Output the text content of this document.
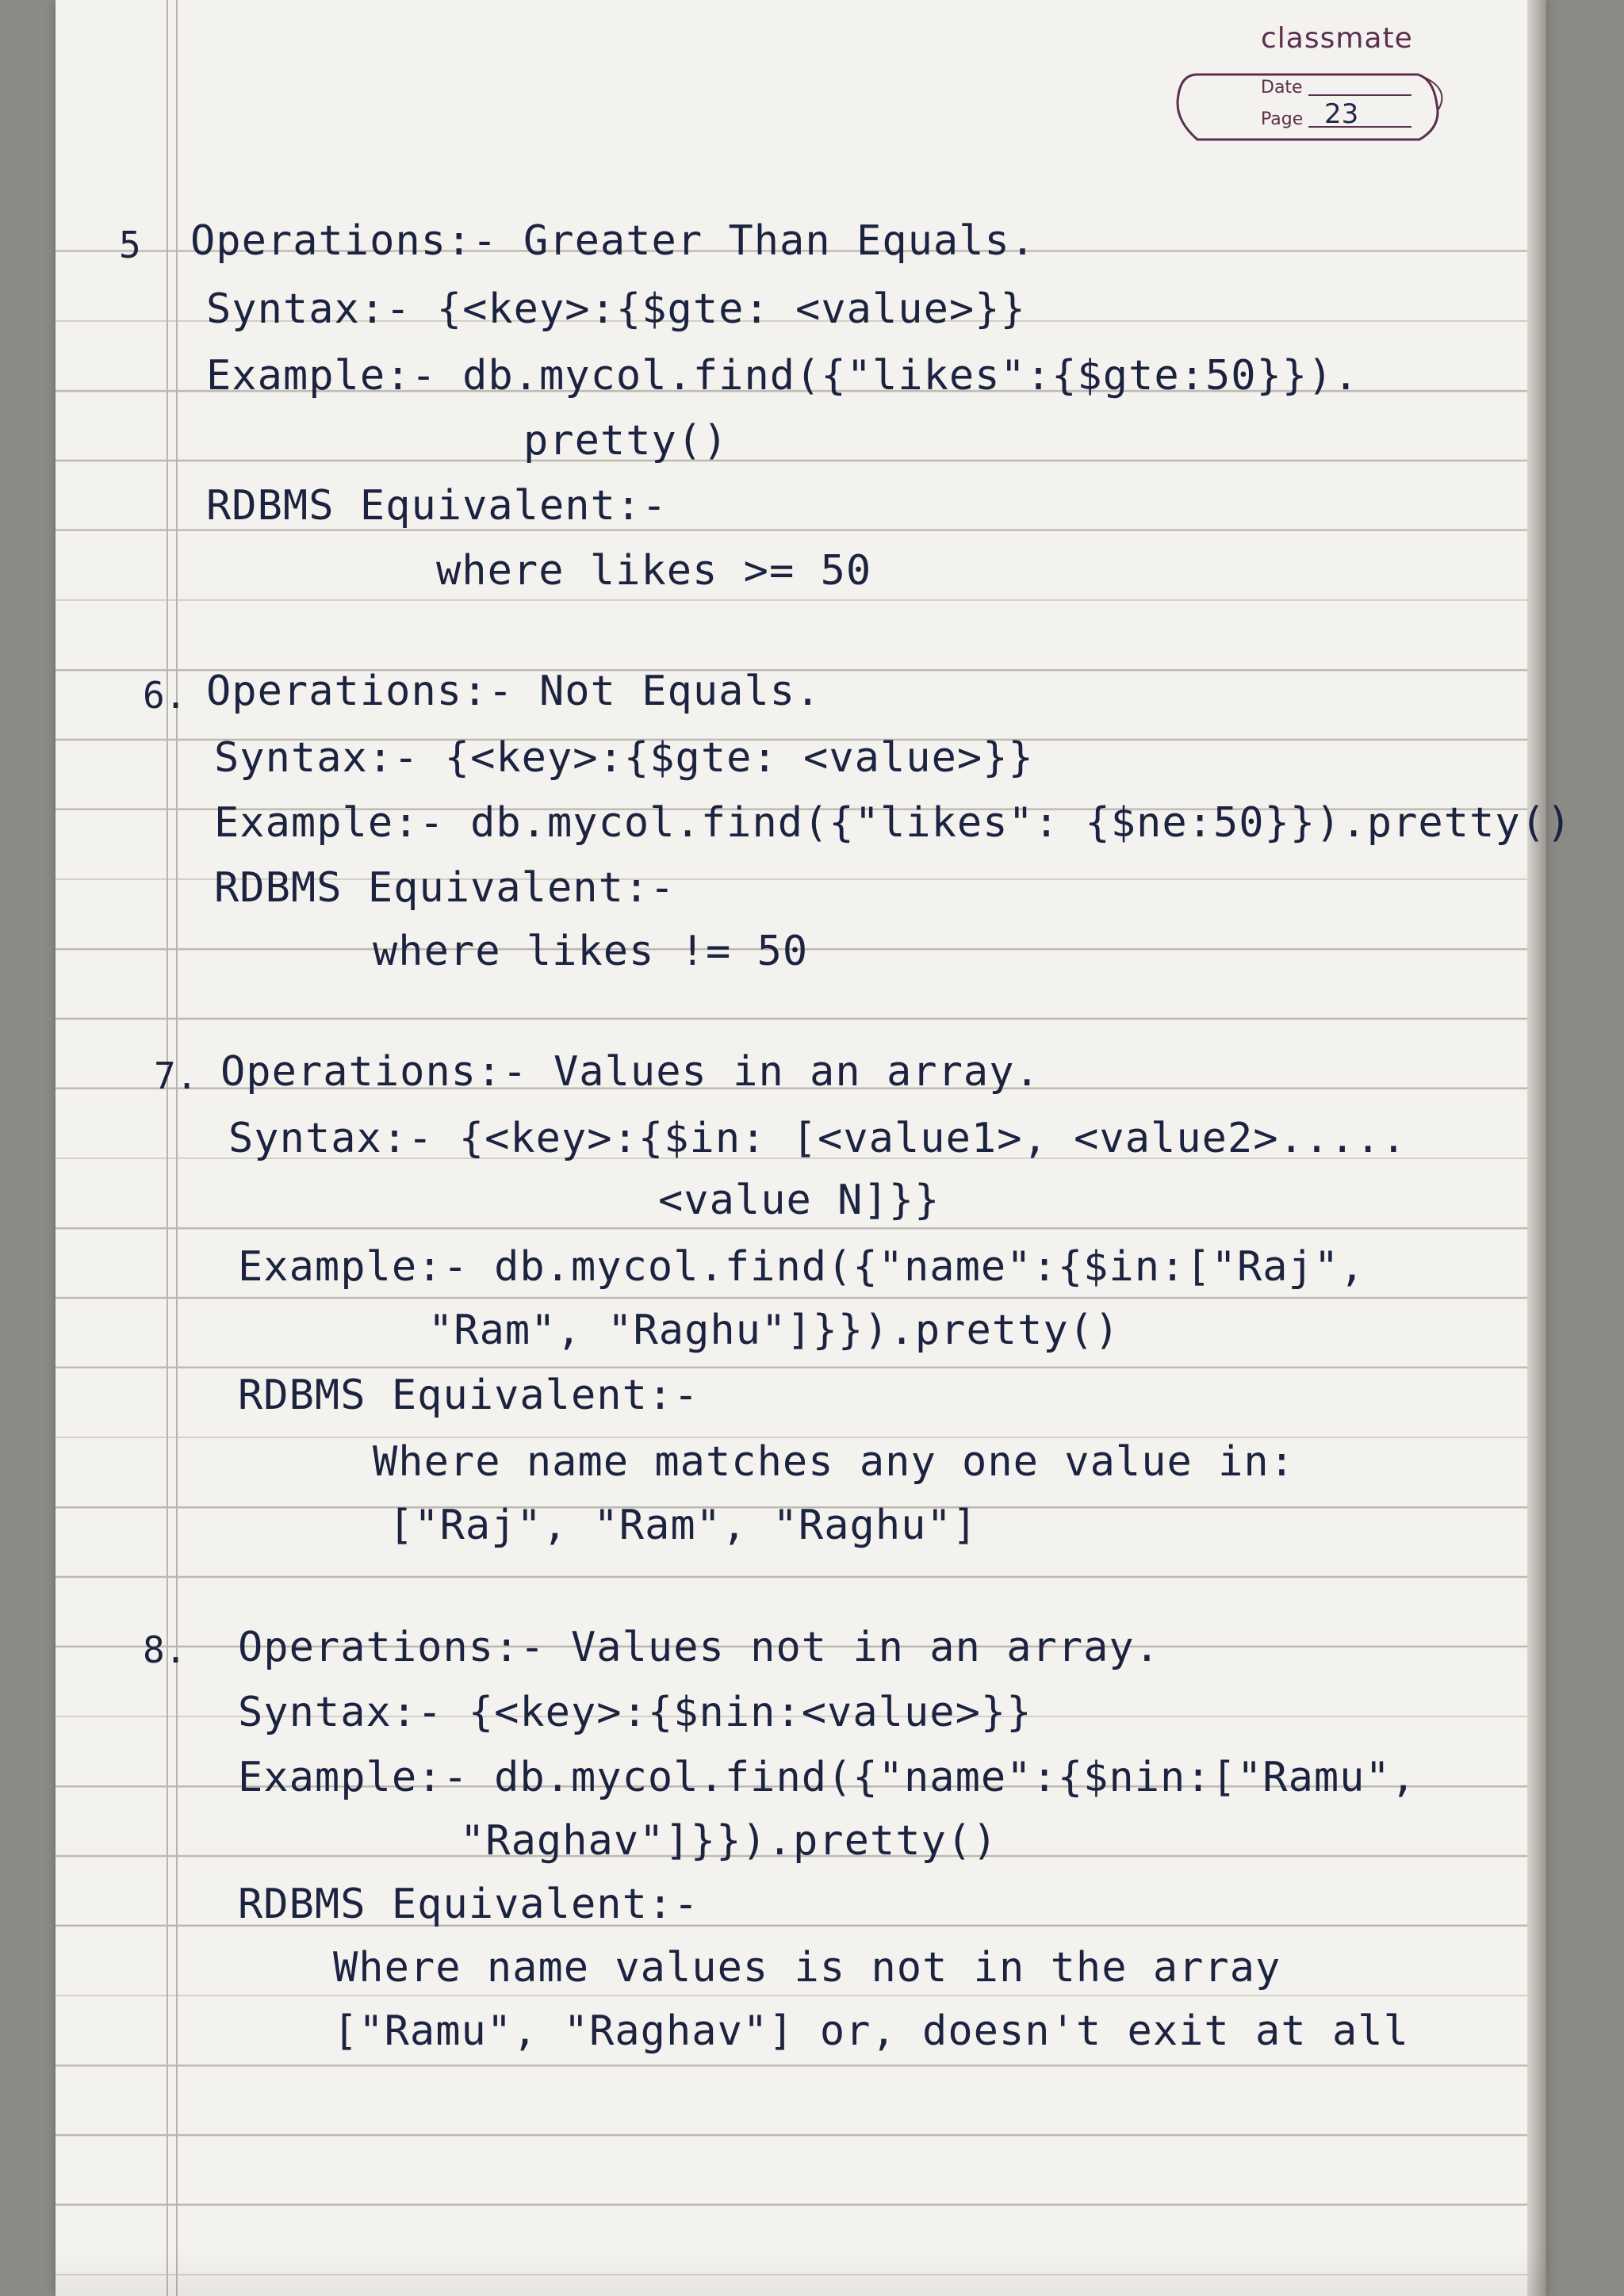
classmate
Date
Page 23
5 Operations:- Greater Than Equals.
Syntax:- {<key>:{$gte: <value>}}
Example:- db.mycol.find({"likes":{$gte:50}}).
pretty()
RDBMS Equivalent:-
where likes >= 50
6. Operations:- Not Equals.
Syntax:- {<key>:{$gte: <value>}}
Example:- db.mycol.find({"likes": {$ne:50}}).pretty()
RDBMS Equivalent:-
where likes != 50
7. Operations:- Values in an array.
Syntax:- {<key>:{$in: [<value1>, <value2>.....
<value N]}}
Example:- db.mycol.find({"name":{$in:["Raj",
"Ram", "Raghu"]}}).pretty()
RDBMS Equivalent:-
Where name matches any one value in:
["Raj", "Ram", "Raghu"]
8. Operations:- Values not in an array.
Syntax:- {<key>:{$nin:<value>}}
Example:- db.mycol.find({"name":{$nin:["Ramu",
"Raghav"]}}).pretty()
RDBMS Equivalent:-
Where name values is not in the array
["Ramu", "Raghav"] or, doesn't exit at all
